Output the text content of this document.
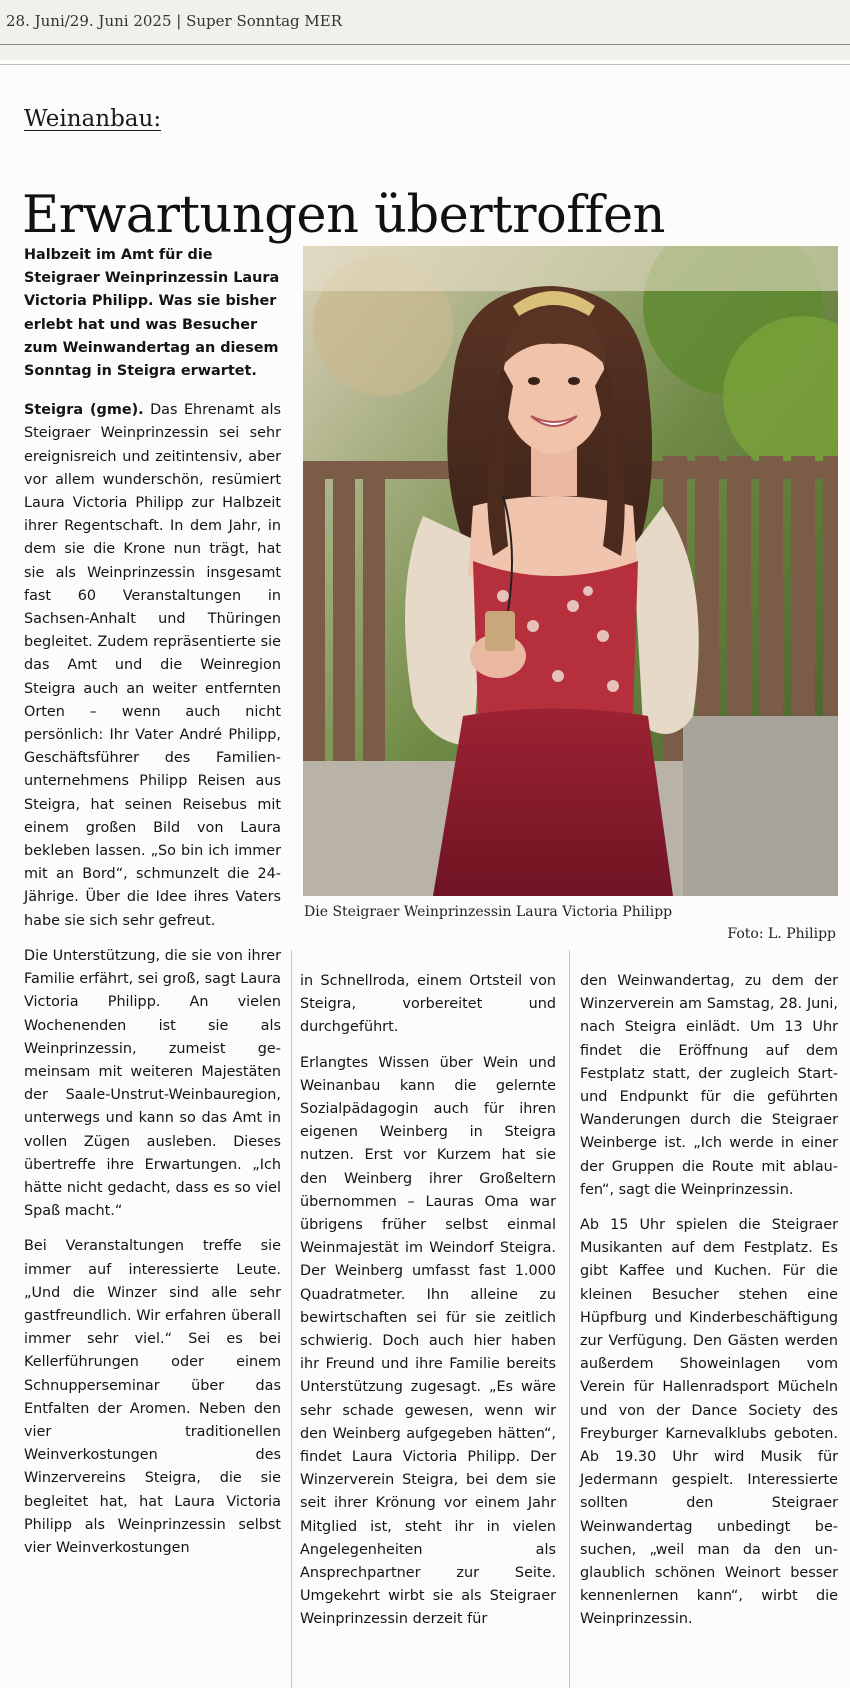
28. Juni/29. Juni 2025 | Super Sonntag MER
Weinanbau:
Erwartungen übertroffen

Halbzeit im Amt für die Steigraer Weinprinzessin Laura Victoria Philipp. Was sie bisher erlebt hat und was Besucher zum Weinwandertag an diesem Sonntag in Steigra erwartet.

Steigra (gme). Das Ehrenamt als Steigraer Weinprinzessin sei sehr ereignisreich und zeitintensiv, aber vor allem wunderschön, resümiert Laura Victoria Philipp zur Halbzeit ihrer Regentschaft. In dem Jahr, in dem sie die Krone nun trägt, hat sie als Weinprinzessin insgesamt fast 60 Veranstaltungen in Sachsen-Anhalt und Thüringen begleitet. Zudem repräsentierte sie das Amt und die Weinregion Steigra auch an weiter entfernten Orten – wenn auch nicht persönlich: Ihr Vater André Philipp, Geschäftsführer des Familienunternehmens Philipp Reisen aus Steigra, hat seinen Reisebus mit einem großen Bild von Laura bekleben lassen. „So bin ich immer mit an Bord“, schmunzelt die 24-Jährige. Über die Idee ihres Vaters habe sie sich sehr gefreut.

Die Unterstützung, die sie von ihrer Familie erfährt, sei groß, sagt Laura Victoria Philipp. An vielen Wochenenden ist sie als Weinprinzessin, zumeist gemeinsam mit weiteren Majestäten der Saale-Unstrut-Weinbauregion, unterwegs und kann so das Amt in vollen Zügen ausleben. Dieses übertreffe ihre Erwartungen. „Ich hätte nicht gedacht, dass es so viel Spaß macht.“

Bei Veranstaltungen treffe sie immer auf interessierte Leute. „Und die Winzer sind alle sehr gastfreundlich. Wir erfahren überall immer sehr viel.“ Sei es bei Kellerführungen oder einem Schnupperseminar über das Entfalten der Aromen. Neben den vier traditionellen Weinverkostungen des Winzervereins Steigra, die sie begleitet hat, hat Laura Victoria Philipp als Weinprinzessin selbst vier Weinverkostungen

Die Steigraer Weinprinzessin Laura Victoria Philipp
Foto: L. Philipp

in Schnellroda, einem Ortsteil von Steigra, vorbereitet und durchgeführt.

Erlangtes Wissen über Wein und Weinanbau kann die gelernte Sozialpädagogin auch für ihren eigenen Weinberg in Steigra nutzen. Erst vor Kurzem hat sie den Weinberg ihrer Großeltern übernommen – Lauras Oma war übrigens früher selbst einmal Weinmajestät im Weindorf Steigra. Der Weinberg umfasst fast 1.000 Quadratmeter. Ihn alleine zu bewirtschaften sei für sie zeitlich schwierig. Doch auch hier haben ihr Freund und ihre Familie bereits Unterstützung zugesagt. „Es wäre sehr schade gewesen, wenn wir den Weinberg aufgegeben hätten“, findet Laura Victoria Philipp. Der Winzerverein Steigra, bei dem sie seit ihrer Krönung vor einem Jahr Mitglied ist, steht ihr in vielen Angelegenheiten als Ansprechpartner zur Seite. Umgekehrt wirbt sie als Steigraer Weinprinzessin derzeit für

den Weinwandertag, zu dem der Winzerverein am Samstag, 28. Juni, nach Steigra einlädt. Um 13 Uhr findet die Eröffnung auf dem Festplatz statt, der zugleich Start- und Endpunkt für die geführten Wanderungen durch die Steigraer Weinberge ist. „Ich werde in einer der Gruppen die Route mit ablaufen“, sagt die Weinprinzessin.

Ab 15 Uhr spielen die Steigraer Musikanten auf dem Festplatz. Es gibt Kaffee und Kuchen. Für die kleinen Besucher stehen eine Hüpfburg und Kinderbeschäftigung zur Verfügung. Den Gästen werden außerdem Showeinlagen vom Verein für Hallenradsport Mücheln und von der Dance Society des Freyburger Karnevalklubs geboten. Ab 19.30 Uhr wird Musik für Jedermann gespielt. Interessierte sollten den Steigraer Weinwandertag unbedingt besuchen, „weil man da den unglaublich schönen Weinort besser kennenlernen kann“, wirbt die Weinprinzessin.
